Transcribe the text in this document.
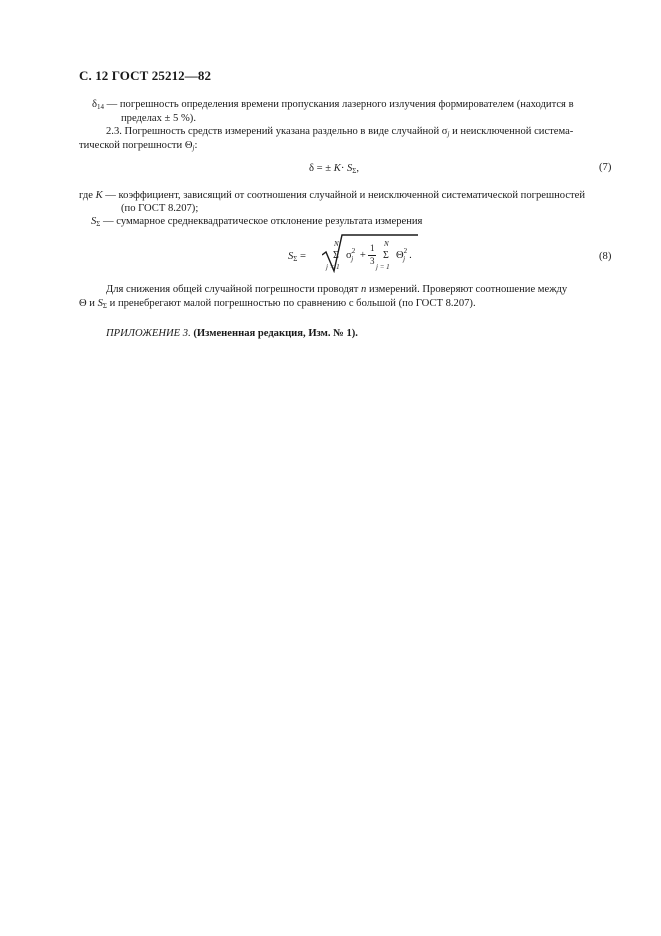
С. 12 ГОСТ 25212—82
$\delta_{14}$ — погрешность определения времени пропускания лазерного излучения формирователем (находится в
пределах ± 5 %).
2.3. Погрешность средств измерений указана раздельно в виде случайной $\sigma_j$ и неисключенной система-
тической погрешности $\Theta_j$:
δ = ± $K\cdot S_\Sigma$,	(7)
где K — коэффициент, зависящий от соотношения случайной и неисключенной систематической погрешностей
(по ГОСТ 8.207);
$S_\Sigma$ — суммарное среднеквадратическое отклонение результата измерения
$S_\Sigma$ =
N
Σ
j = 1
$\sigma^2_j$ +
1
3
N
Σ
j = 1
$\Theta^2_j$ .	(8)
Для снижения общей случайной погрешности проводят n измерений. Проверяют соотношение между
Θ и $S_\Sigma$ и пренебрегают малой погрешностью по сравнению с большой (по ГОСТ 8.207).
ПРИЛОЖЕНИЕ 3. (Измененная редакция, Изм. № 1).
